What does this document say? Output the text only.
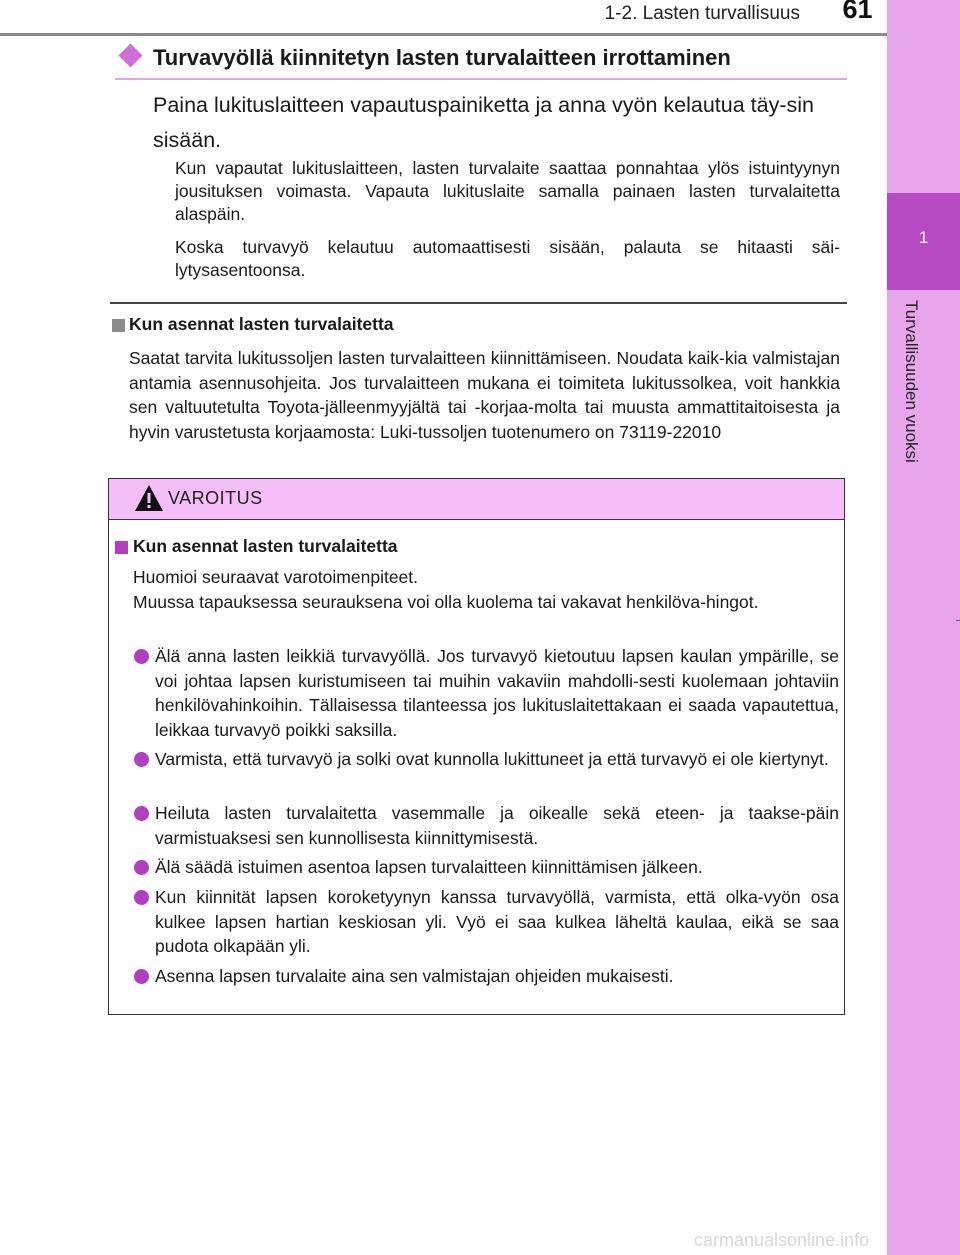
1-2. Lasten turvallisuus	61
1
Turvallisuuden vuoksi
Turvavyöllä kiinnitetyn lasten turvalaitteen irrottaminen
Paina lukituslaitteen vapautuspainiketta ja anna vyön kelautua täy-sin sisään.
Kun vapautat lukituslaitteen, lasten turvalaite saattaa ponnahtaa ylös istuintyynyn jousituksen voimasta. Vapauta lukituslaite samalla painaen lasten turvalaitetta alaspäin.
Koska turvavyö kelautuu automaattisesti sisään, palauta se hitaasti säi-lytysasentoonsa.
Kun asennat lasten turvalaitetta
Saatat tarvita lukitussoljen lasten turvalaitteen kiinnittämiseen. Noudata kaik-kia valmistajan antamia asennusohjeita. Jos turvalaitteen mukana ei toimiteta lukitussolkea, voit hankkia sen valtuutetulta Toyota-jälleenmyyjältä tai -korjaa-molta tai muusta ammattitaitoisesta ja hyvin varustetusta korjaamosta: Luki-tussoljen tuotenumero on 73119-22010
VAROITUS
Kun asennat lasten turvalaitetta
Huomioi seuraavat varotoimenpiteet.
Muussa tapauksessa seurauksena voi olla kuolema tai vakavat henkilöva-hingot.
Älä anna lasten leikkiä turvavyöllä. Jos turvavyö kietoutuu lapsen kaulan ympärille, se voi johtaa lapsen kuristumiseen tai muihin vakaviin mahdolli-sesti kuolemaan johtaviin henkilövahinkoihin. Tällaisessa tilanteessa jos lukituslaitettakaan ei saada vapautettua, leikkaa turvavyö poikki saksilla.
Varmista, että turvavyö ja solki ovat kunnolla lukittuneet ja että turvavyö ei ole kiertynyt.
Heiluta lasten turvalaitetta vasemmalle ja oikealle sekä eteen- ja taakse-päin varmistuaksesi sen kunnollisesta kiinnittymisestä.
Älä säädä istuimen asentoa lapsen turvalaitteen kiinnittämisen jälkeen.
Kun kiinnität lapsen koroketyynyn kanssa turvavyöllä, varmista, että olka-vyön osa kulkee lapsen hartian keskiosan yli. Vyö ei saa kulkea läheltä kaulaa, eikä se saa pudota olkapään yli.
Asenna lapsen turvalaite aina sen valmistajan ohjeiden mukaisesti.
carmanualsonline.info
